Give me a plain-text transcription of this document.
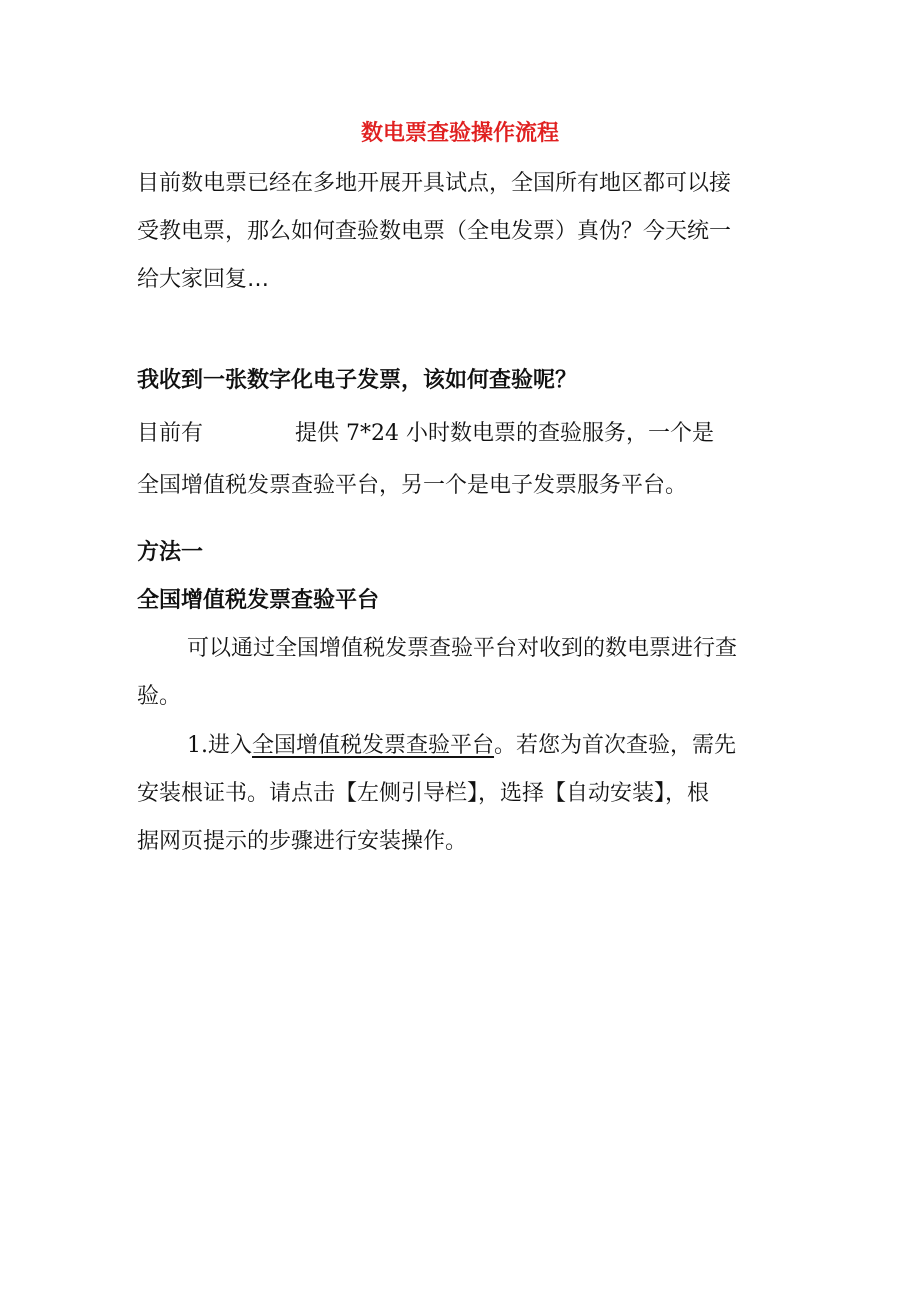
数电票查验操作流程

目前数电票已经在多地开展开具试点，全国所有地区都可以接

受教电票，那么如何查验数电票（全电发票）真伪？今天统一

给大家回复…

我收到一张数字化电子发票，该如何查验呢？

目前有	提供 7*24 小时数电票的查验服务，一个是

全国增值税发票查验平台，另一个是电子发票服务平台。

方法一

全国增值税发票查验平台

可以通过全国增值税发票查验平台对收到的数电票进行查

验。

1.进入全国增值税发票查验平台。若您为首次查验，需先

安装根证书。请点击【左侧引导栏】，选择【自动安装】，根

据网页提示的步骤进行安装操作。
